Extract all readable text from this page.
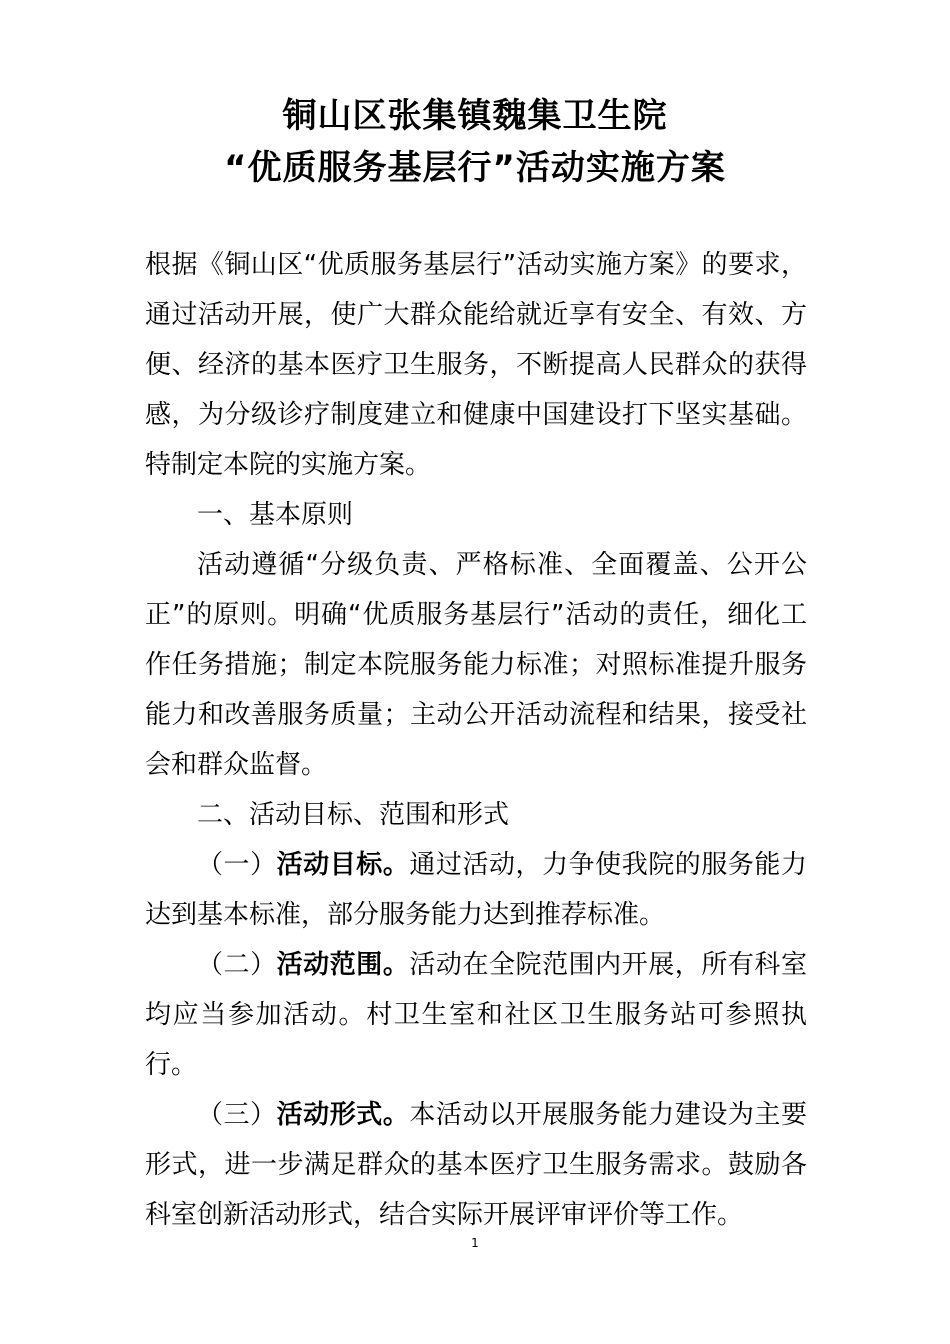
铜山区张集镇魏集卫生院
“优质服务基层行”活动实施方案

根据《铜山区“优质服务基层行”活动实施方案》的要求，通过活动开展，使广大群众能给就近享有安全、有效、方便、经济的基本医疗卫生服务，不断提高人民群众的获得感，为分级诊疗制度建立和健康中国建设打下坚实基础。特制定本院的实施方案。

一、基本原则

活动遵循“分级负责、严格标准、全面覆盖、公开公正”的原则。明确“优质服务基层行”活动的责任，细化工作任务措施；制定本院服务能力标准；对照标准提升服务能力和改善服务质量；主动公开活动流程和结果，接受社会和群众监督。

二、活动目标、范围和形式

（一）活动目标。通过活动，力争使我院的服务能力达到基本标准，部分服务能力达到推荐标准。

（二）活动范围。活动在全院范围内开展，所有科室均应当参加活动。村卫生室和社区卫生服务站可参照执行。

（三）活动形式。本活动以开展服务能力建设为主要形式，进一步满足群众的基本医疗卫生服务需求。鼓励各科室创新活动形式，结合实际开展评审评价等工作。

1
